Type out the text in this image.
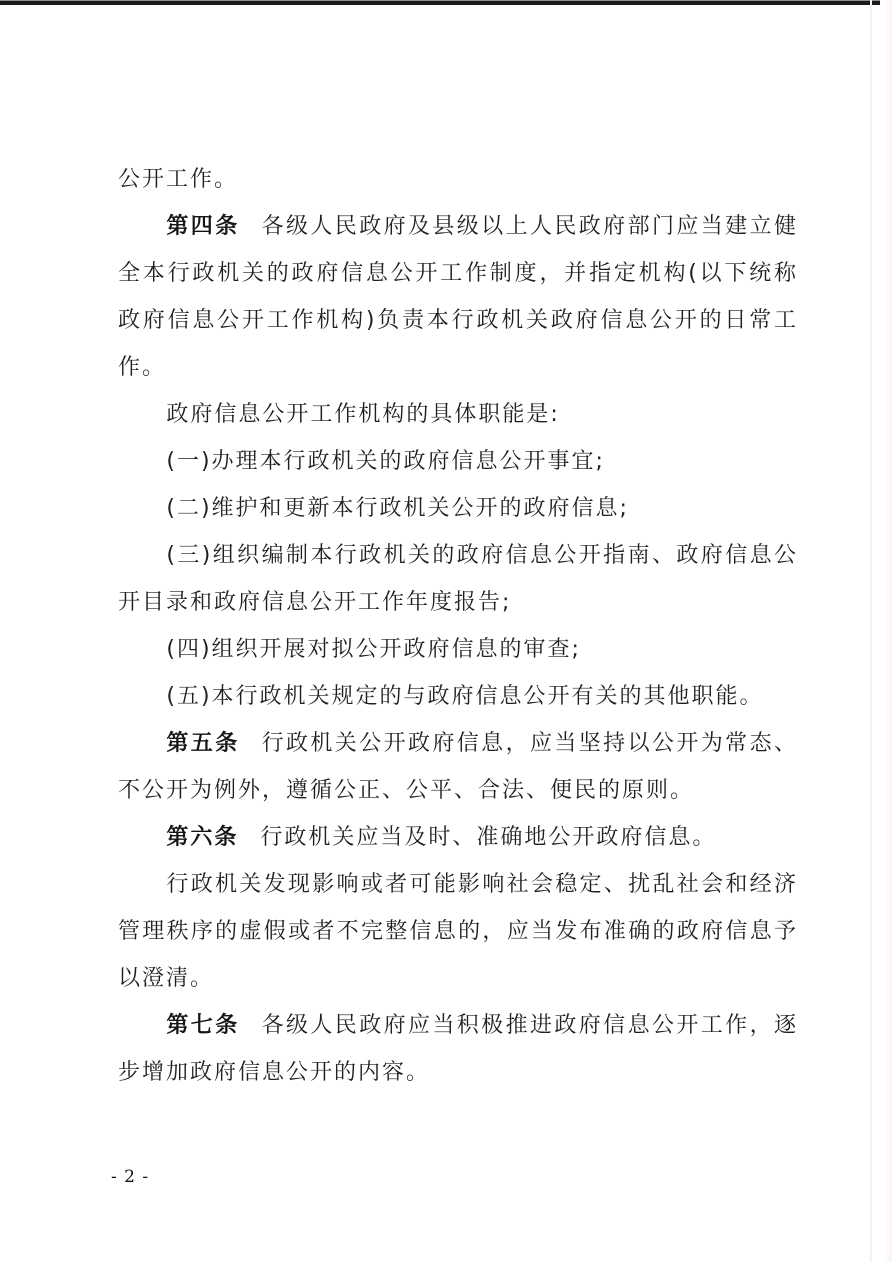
公开工作。

第四条 各级人民政府及县级以上人民政府部门应当建立健全本行政机关的政府信息公开工作制度，并指定机构(以下统称政府信息公开工作机构)负责本行政机关政府信息公开的日常工作。

政府信息公开工作机构的具体职能是:

(一)办理本行政机关的政府信息公开事宜;

(二)维护和更新本行政机关公开的政府信息;

(三)组织编制本行政机关的政府信息公开指南、政府信息公开目录和政府信息公开工作年度报告;

(四)组织开展对拟公开政府信息的审查;

(五)本行政机关规定的与政府信息公开有关的其他职能。

第五条 行政机关公开政府信息，应当坚持以公开为常态、不公开为例外，遵循公正、公平、合法、便民的原则。

第六条 行政机关应当及时、准确地公开政府信息。

行政机关发现影响或者可能影响社会稳定、扰乱社会和经济管理秩序的虚假或者不完整信息的，应当发布准确的政府信息予以澄清。

第七条 各级人民政府应当积极推进政府信息公开工作，逐步增加政府信息公开的内容。

- 2 -
